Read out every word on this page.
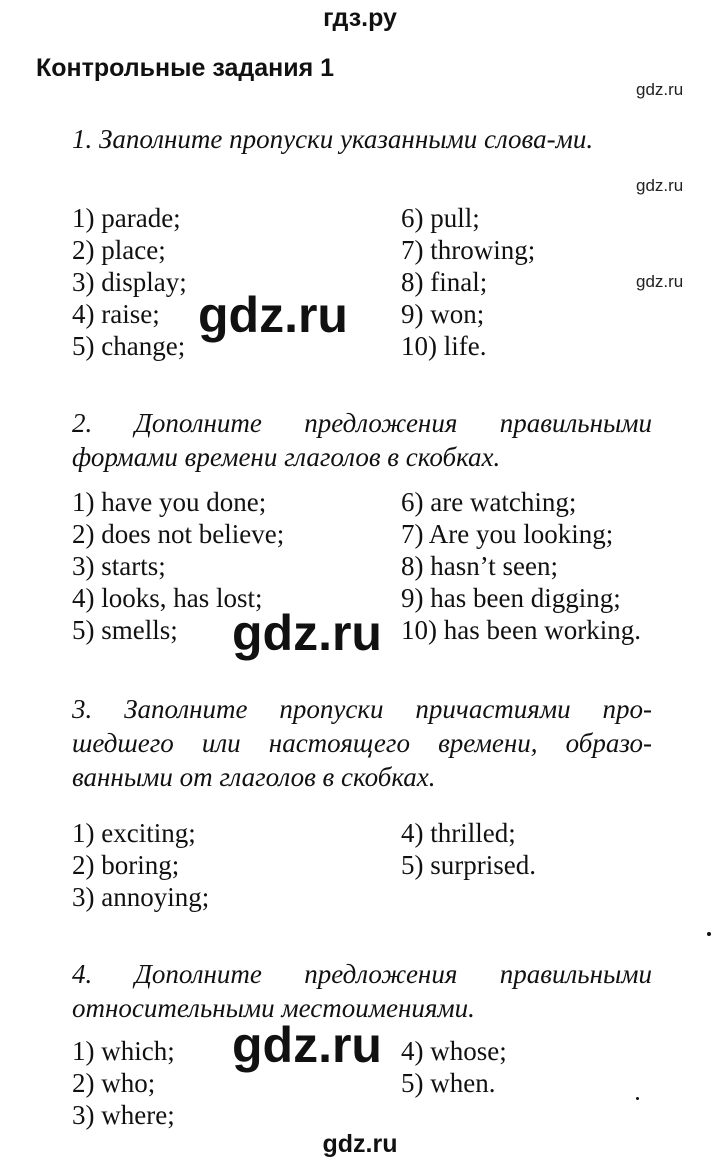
гдз.ру
Контрольные задания 1
gdz.ru
gdz.ru
gdz.ru
1. Заполните пропуски указанными слова-ми.
1) parade;
2) place;
3) display;
4) raise;
5) change;
6) pull;
7) throwing;
8) final;
9) won;
10) life.
gdz.ru
2. Дополните предложения правильными формами времени глаголов в скобках.
1) have you done;
2) does not believe;
3) starts;
4) looks, has lost;
5) smells;
6) are watching;
7) Are you looking;
8) hasn’t seen;
9) has been digging;
10) has been working.
gdz.ru
3. Заполните пропуски причастиями про-шедшего или настоящего времени, образо-ванными от глаголов в скобках.
1) exciting;
2) boring;
3) annoying;
4) thrilled;
5) surprised.
4. Дополните предложения правильными относительными местоимениями.
1) which;
2) who;
3) where;
4) whose;
5) when.
gdz.ru
gdz.ru
